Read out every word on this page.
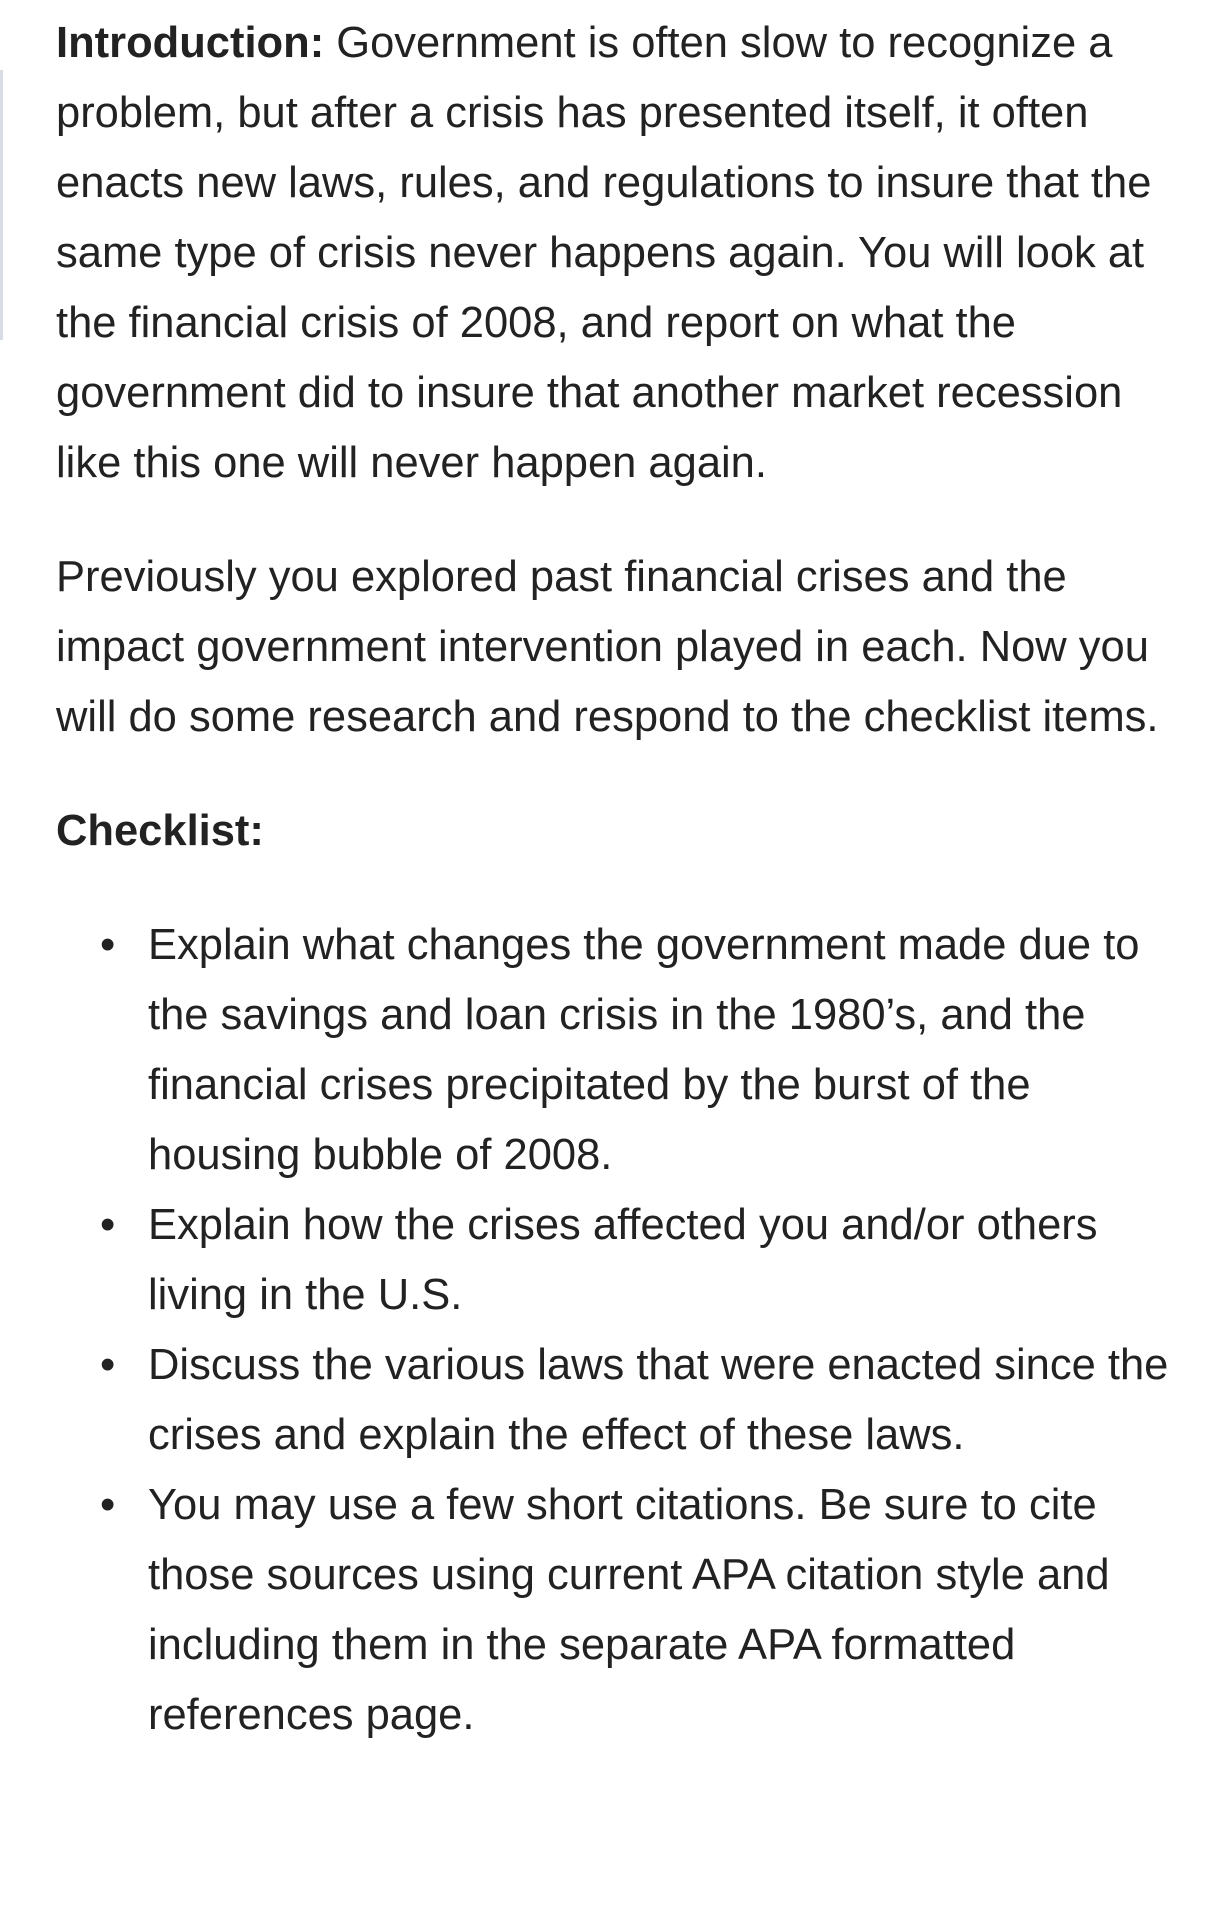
Introduction: Government is often slow to recognize a problem, but after a crisis has presented itself, it often enacts new laws, rules, and regulations to insure that the same type of crisis never happens again. You will look at the financial crisis of 2008, and report on what the government did to insure that another market recession like this one will never happen again.

Previously you explored past financial crises and the impact government intervention played in each. Now you will do some research and respond to the checklist items.

Checklist:

• Explain what changes the government made due to the savings and loan crisis in the 1980’s, and the financial crises precipitated by the burst of the housing bubble of 2008.
• Explain how the crises affected you and/or others living in the U.S.
• Discuss the various laws that were enacted since the crises and explain the effect of these laws.
• You may use a few short citations. Be sure to cite those sources using current APA citation style and including them in the separate APA formatted references page.
